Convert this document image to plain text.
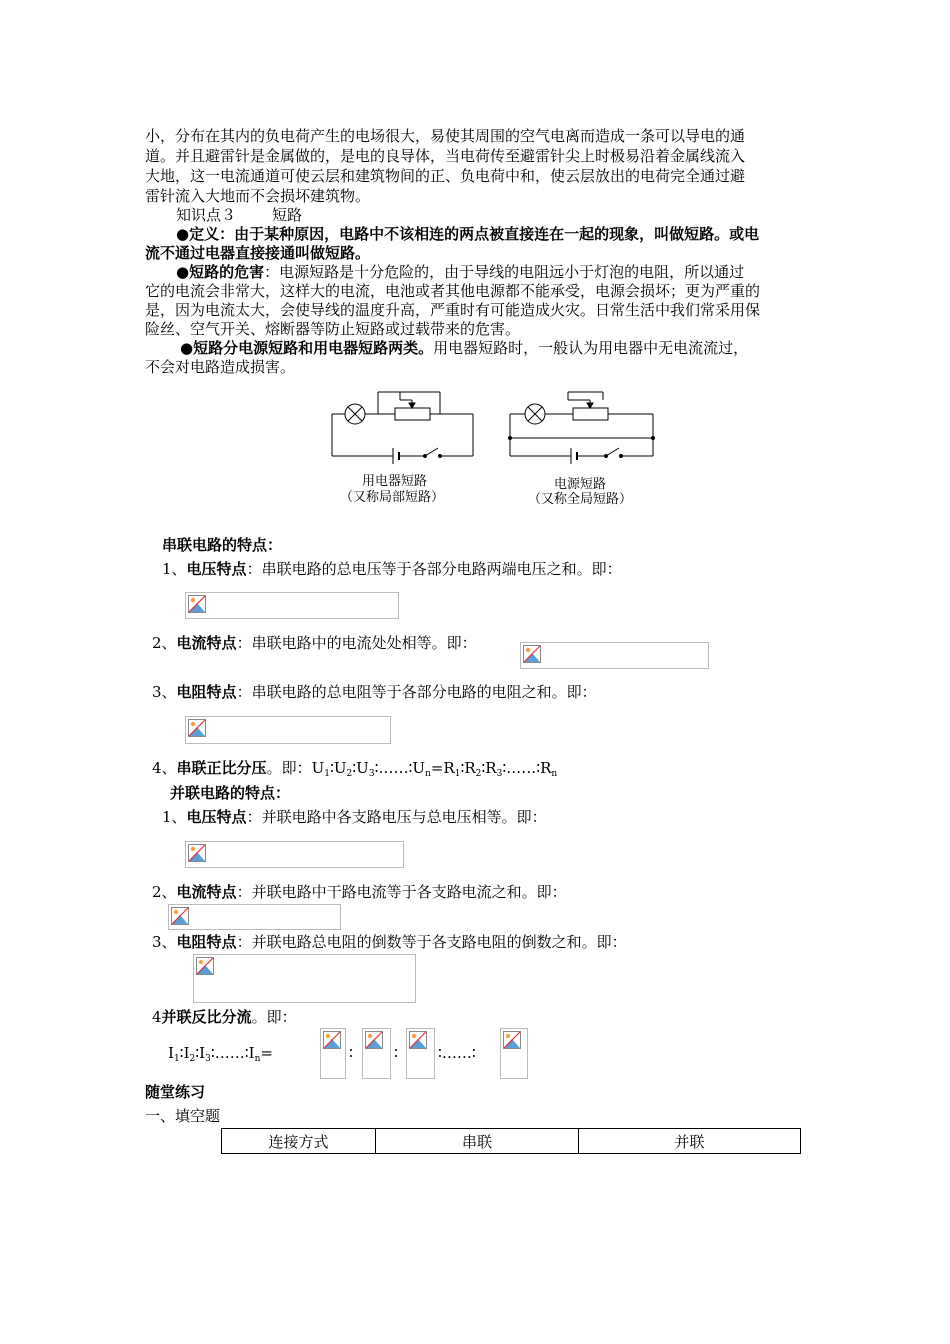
小，分布在其内的负电荷产生的电场很大，易使其周围的空气电离而造成一条可以导电的通
道。并且避雷针是金属做的，是电的良导体，当电荷传至避雷针尖上时极易沿着金属线流入
大地，这一电流通道可使云层和建筑物间的正、负电荷中和，使云层放出的电荷完全通过避
雷针流入大地而不会损坏建筑物。
知识点３ 短路
●定义：由于某种原因，电路中不该相连的两点被直接连在一起的现象，叫做短路。或电
流不通过电器直接接通叫做短路。
●短路的危害：电源短路是十分危险的，由于导线的电阻远小于灯泡的电阻，所以通过
它的电流会非常大，这样大的电流，电池或者其他电源都不能承受，电源会损坏；更为严重的
是，因为电流太大，会使导线的温度升高，严重时有可能造成火灾。日常生活中我们常采用保
险丝、空气开关、熔断器等防止短路或过载带来的危害。
●短路分电源短路和用电器短路两类。用电器短路时，一般认为用电器中无电流流过，
不会对电路造成损害。
用电器短路
（又称局部短路）
电源短路
（又称全局短路）
串联电路的特点：
1、电压特点：串联电路的总电压等于各部分电路两端电压之和。即：
2、电流特点：串联电路中的电流处处相等。即：
3、电阻特点：串联电路的总电阻等于各部分电路的电阻之和。即：
4、串联正比分压。即：$U_1∶U_2∶U_3∶\dots\dots∶U_n=R_1∶R_2∶R_3∶\dots\dots∶R_n$
并联电路的特点：
1、电压特点：并联电路中各支路电压与总电压相等。即：
2、电流特点：并联电路中干路电流等于各支路电流之和。即：
3、电阻特点：并联电路总电阻的倒数等于各支路电阻的倒数之和。即：
4并联反比分流。即：
$I_1∶I_2∶I_3∶\dots\dots∶I_n=$	∶	∶	∶……∶
随堂练习
一、填空题
连接方式	串联	并联
